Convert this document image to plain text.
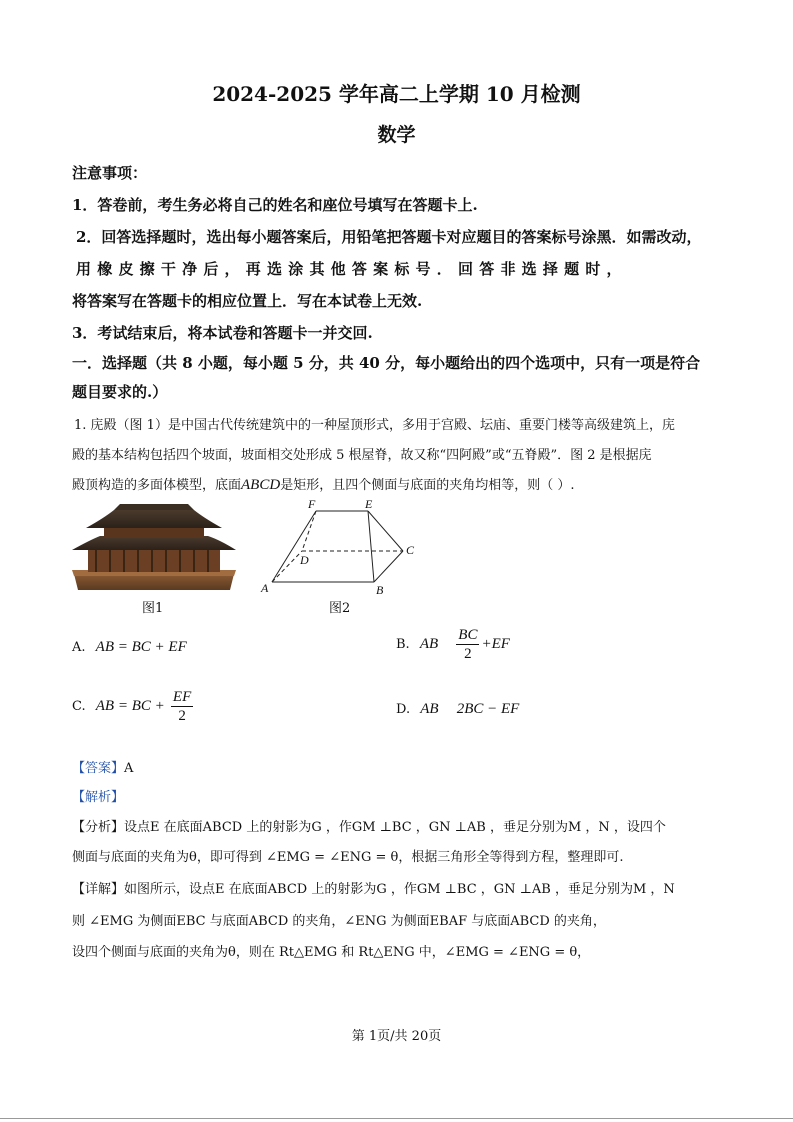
2024-2025 学年高二上学期 10 月检测
数学
注意事项：
1．答卷前，考生务必将自己的姓名和座位号填写在答题卡上.
2．回答选择题时，选出每小题答案后，用铅笔把答题卡对应题目的答案标号涂黑．如需改动，
用 橡 皮 擦 干 净 后 ， 再 选 涂 其 他 答 案 标 号 ． 回 答 非 选 择 题 时 ，
将答案写在答题卡的相应位置上．写在本试卷上无效.
3．考试结束后，将本试卷和答题卡一并交回.
一．选择题（共 8 小题，每小题 5 分，共 40 分，每小题给出的四个选项中，只有一项是符合
题目要求的.）
1. 庑殿（图 1）是中国古代传统建筑中的一种屋顶形式，多用于宫殿、坛庙、重要门楼等高级建筑上，庑
殿的基本结构包括四个坡面，坡面相交处形成 5 根屋脊，故又称“四阿殿”或“五脊殿”．图 2 是根据庑
殿顶构造的多面体模型，底面ABCD是矩形，且四个侧面与底面的夹角均相等，则（ ）.
图1
F	E
C
D
A	B
图2
A. AB = BC + EF	B. AB $\frac{BC}{2} +EF$
C. AB = BC + $\frac{EF}{2}$	D. AB 2BC − EF
【答案】A
【解析】
【分析】设点E 在底面ABCD 上的射影为G ，作GM ⊥BC ，GN ⊥AB ，垂足分别为M ，N ，设四个
侧面与底面的夹角为θ，即可得到 ∠EMG = ∠ENG = θ，根据三角形全等得到方程，整理即可.
【详解】如图所示，设点E 在底面ABCD 上的射影为G ，作GM ⊥BC ，GN ⊥AB ，垂足分别为M ，N
则 ∠EMG 为侧面EBC 与底面ABCD 的夹角，∠ENG 为侧面EBAF 与底面ABCD 的夹角，
设四个侧面与底面的夹角为θ，则在 Rt△EMG 和 Rt△ENG 中，∠EMG = ∠ENG = θ，
第 1页/共 20页
